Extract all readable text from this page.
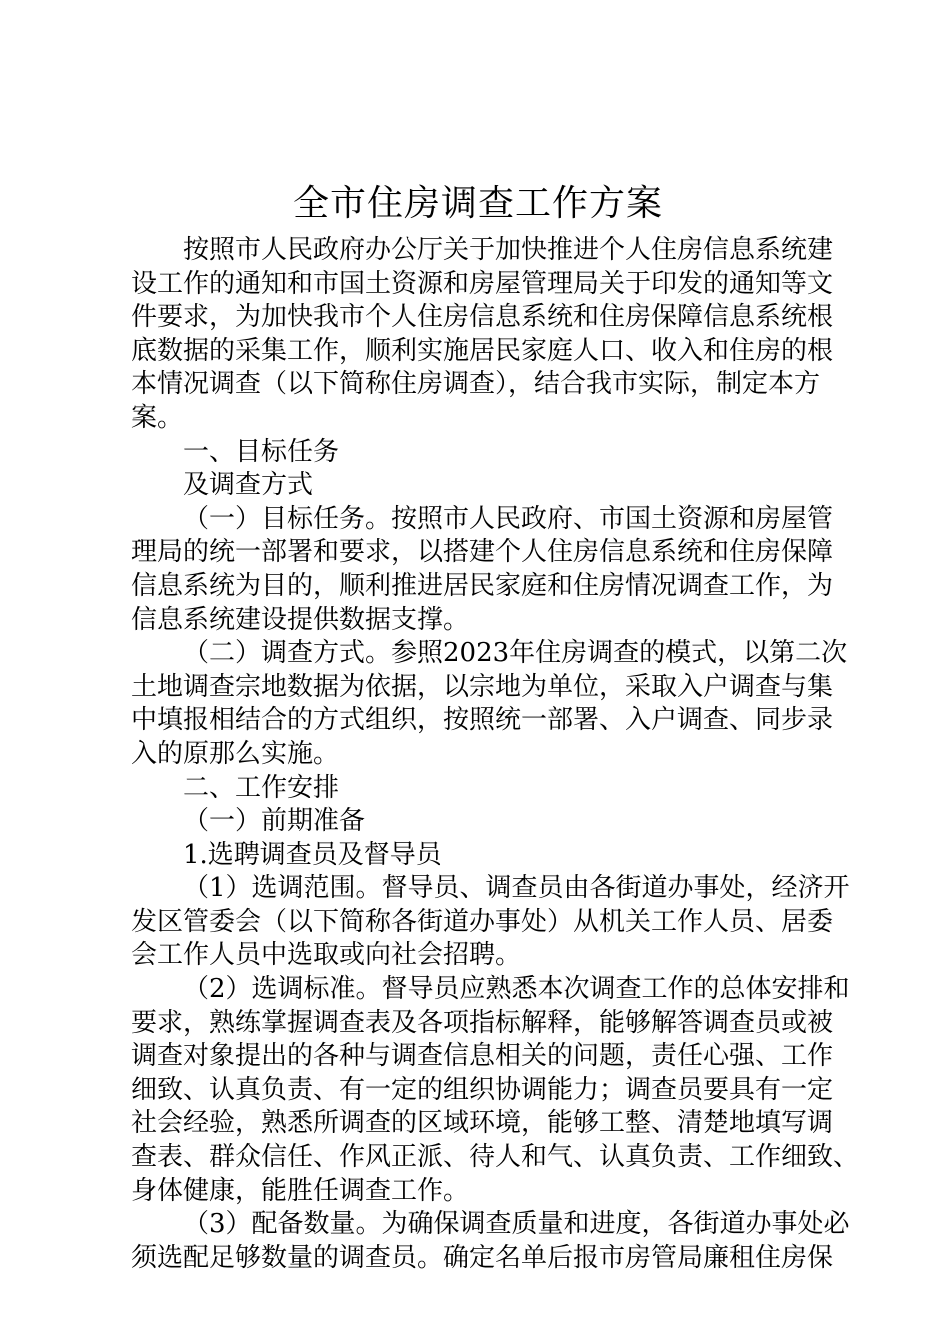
全市住房调查工作方案
按照市人民政府办公厅关于加快推进个人住房信息系统建
设工作的通知和市国土资源和房屋管理局关于印发的通知等文
件要求，为加快我市个人住房信息系统和住房保障信息系统根
底数据的采集工作，顺利实施居民家庭人口、收入和住房的根
本情况调查（以下简称住房调查），结合我市实际，制定本方
案。
一、目标任务
及调查方式
（一）目标任务。按照市人民政府、市国土资源和房屋管
理局的统一部署和要求，以搭建个人住房信息系统和住房保障
信息系统为目的，顺利推进居民家庭和住房情况调查工作，为
信息系统建设提供数据支撑。
（二）调查方式。参照2023年住房调查的模式，以第二次
土地调查宗地数据为依据，以宗地为单位，采取入户调查与集
中填报相结合的方式组织，按照统一部署、入户调查、同步录
入的原那么实施。
二、工作安排
（一）前期准备
1.选聘调查员及督导员
（1）选调范围。督导员、调查员由各街道办事处，经济开
发区管委会（以下简称各街道办事处）从机关工作人员、居委
会工作人员中选取或向社会招聘。
（2）选调标准。督导员应熟悉本次调查工作的总体安排和
要求，熟练掌握调查表及各项指标解释，能够解答调查员或被
调查对象提出的各种与调查信息相关的问题，责任心强、工作
细致、认真负责、有一定的组织协调能力；调查员要具有一定
社会经验，熟悉所调查的区域环境，能够工整、清楚地填写调
查表、群众信任、作风正派、待人和气、认真负责、工作细致、
身体健康，能胜任调查工作。
（3）配备数量。为确保调查质量和进度，各街道办事处必
须选配足够数量的调查员。确定名单后报市房管局廉租住房保
